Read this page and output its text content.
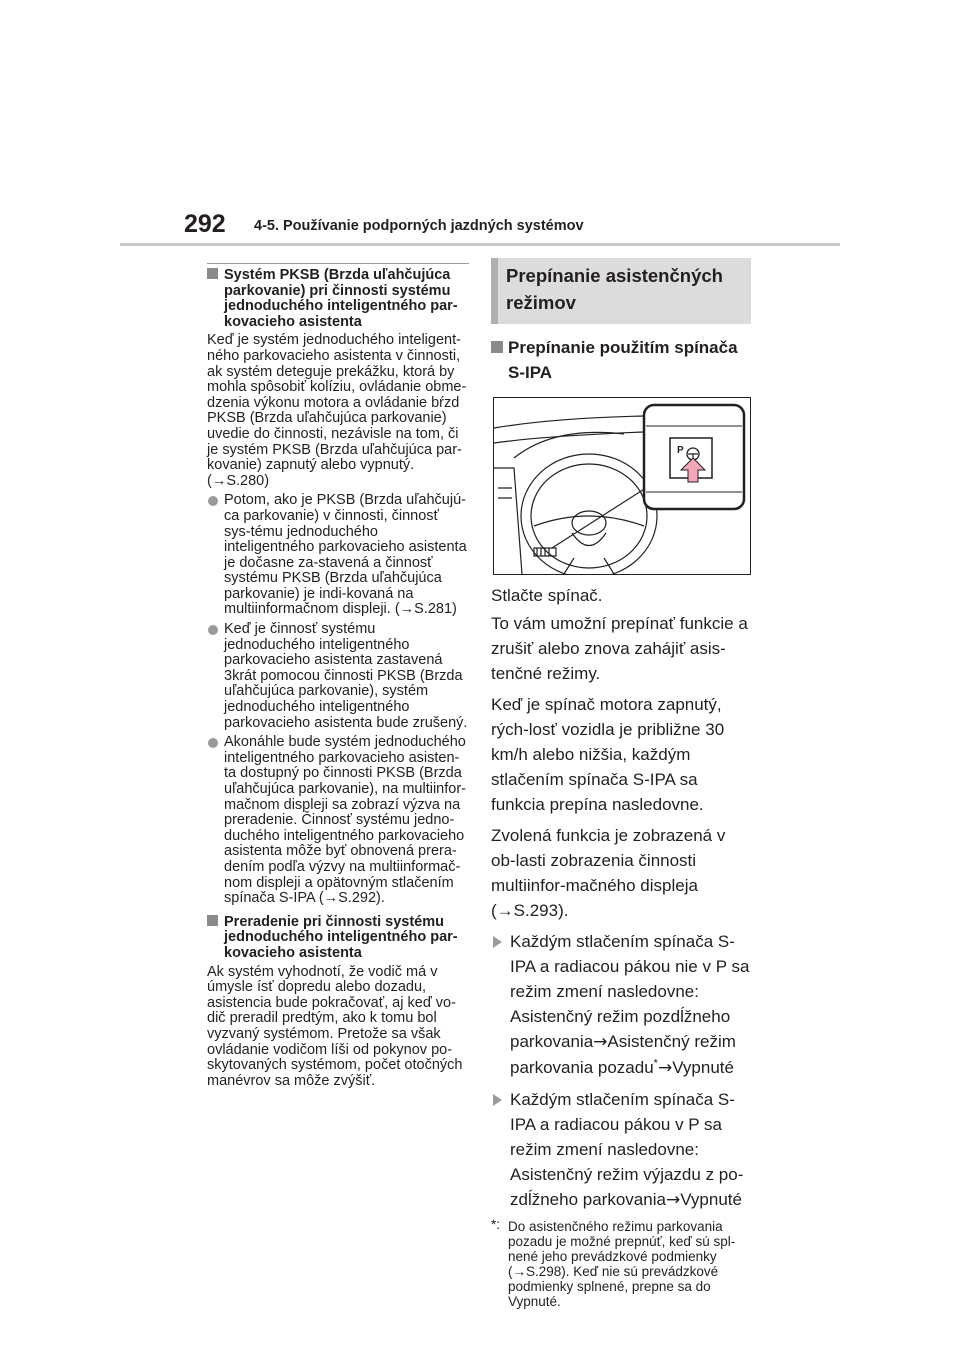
292 4-5. Používanie podporných jazdných systémov
Systém PKSB (Brzda uľahčujúca parkovanie) pri činnosti systému jednoduchého inteligentného par-kovacieho asistenta
Keď je systém jednoduchého inteligent-ného parkovacieho asistenta v činnosti, ak systém deteguje prekážku, ktorá by mohla spôsobiť kolíziu, ovládanie obme-dzenia výkonu motora a ovládanie bŕzd PKSB (Brzda uľahčujúca parkovanie) uvedie do činnosti, nezávisle na tom, či je systém PKSB (Brzda uľahčujúca par-kovanie) zapnutý alebo vypnutý.
(→S.280)
Potom, ako je PKSB (Brzda uľahčujú-ca parkovanie) v činnosti, činnosť sys-tému jednoduchého inteligentného parkovacieho asistenta je dočasne za-stavená a činnosť systému PKSB (Brzda uľahčujúca parkovanie) je indi-kovaná na multiinformačnom displeji. (→S.281)
Keď je činnosť systému jednoduchého inteligentného parkovacieho asistenta zastavená 3krát pomocou činnosti PKSB (Brzda uľahčujúca parkovanie), systém jednoduchého inteligentného parkovacieho asistenta bude zrušený.
Akonáhle bude systém jednoduchého inteligentného parkovacieho asisten-ta dostupný po činnosti PKSB (Brzda uľahčujúca parkovanie), na multiinfor-mačnom displeji sa zobrazí výzva na preradenie. Činnosť systému jedno-duchého inteligentného parkovacieho asistenta môže byť obnovená prera-dením podľa výzvy na multiinformač-nom displeji a opätovným stlačením spínača S-IPA (→S.292).
Preradenie pri činnosti systému jednoduchého inteligentného par-kovacieho asistenta
Ak systém vyhodnotí, že vodič má v úmysle ísť dopredu alebo dozadu, asistencia bude pokračovať, aj keď vo-dič preradil predtým, ako k tomu bol vyzvaný systémom. Pretože sa však ovládanie vodičom líši od pokynov po-skytovaných systémom, počet otočných manévrov sa môže zvýšiť.
Prepínanie asistenčných režimov
Prepínanie použitím spínača S-IPA
P
Stlačte spínač.
To vám umožní prepínať funkcie a zrušiť alebo znova zahájiť asis-tenčné režimy.
Keď je spínač motora zapnutý, rých-losť vozidla je približne 30 km/h alebo nižšia, každým stlačením spínača S-IPA sa funkcia prepína nasledovne.
Zvolená funkcia je zobrazená v ob-lasti zobrazenia činnosti multiinfor-mačného displeja (→S.293).
Každým stlačením spínača S-IPA a radiacou pákou nie v P sa režim zmení nasledovne:
Asistenčný režim pozdĺžneho parkovania→Asistenčný režim parkovania pozadu*→Vypnuté
Každým stlačením spínača S-IPA a radiacou pákou v P sa režim zmení nasledovne:
Asistenčný režim výjazdu z po-zdĺžneho parkovania→Vypnuté
*: Do asistenčného režimu parkovania pozadu je možné prepnúť, keď sú spl-nené jeho prevádzkové podmienky (→S.298). Keď nie sú prevádzkové podmienky splnené, prepne sa do Vypnuté.
